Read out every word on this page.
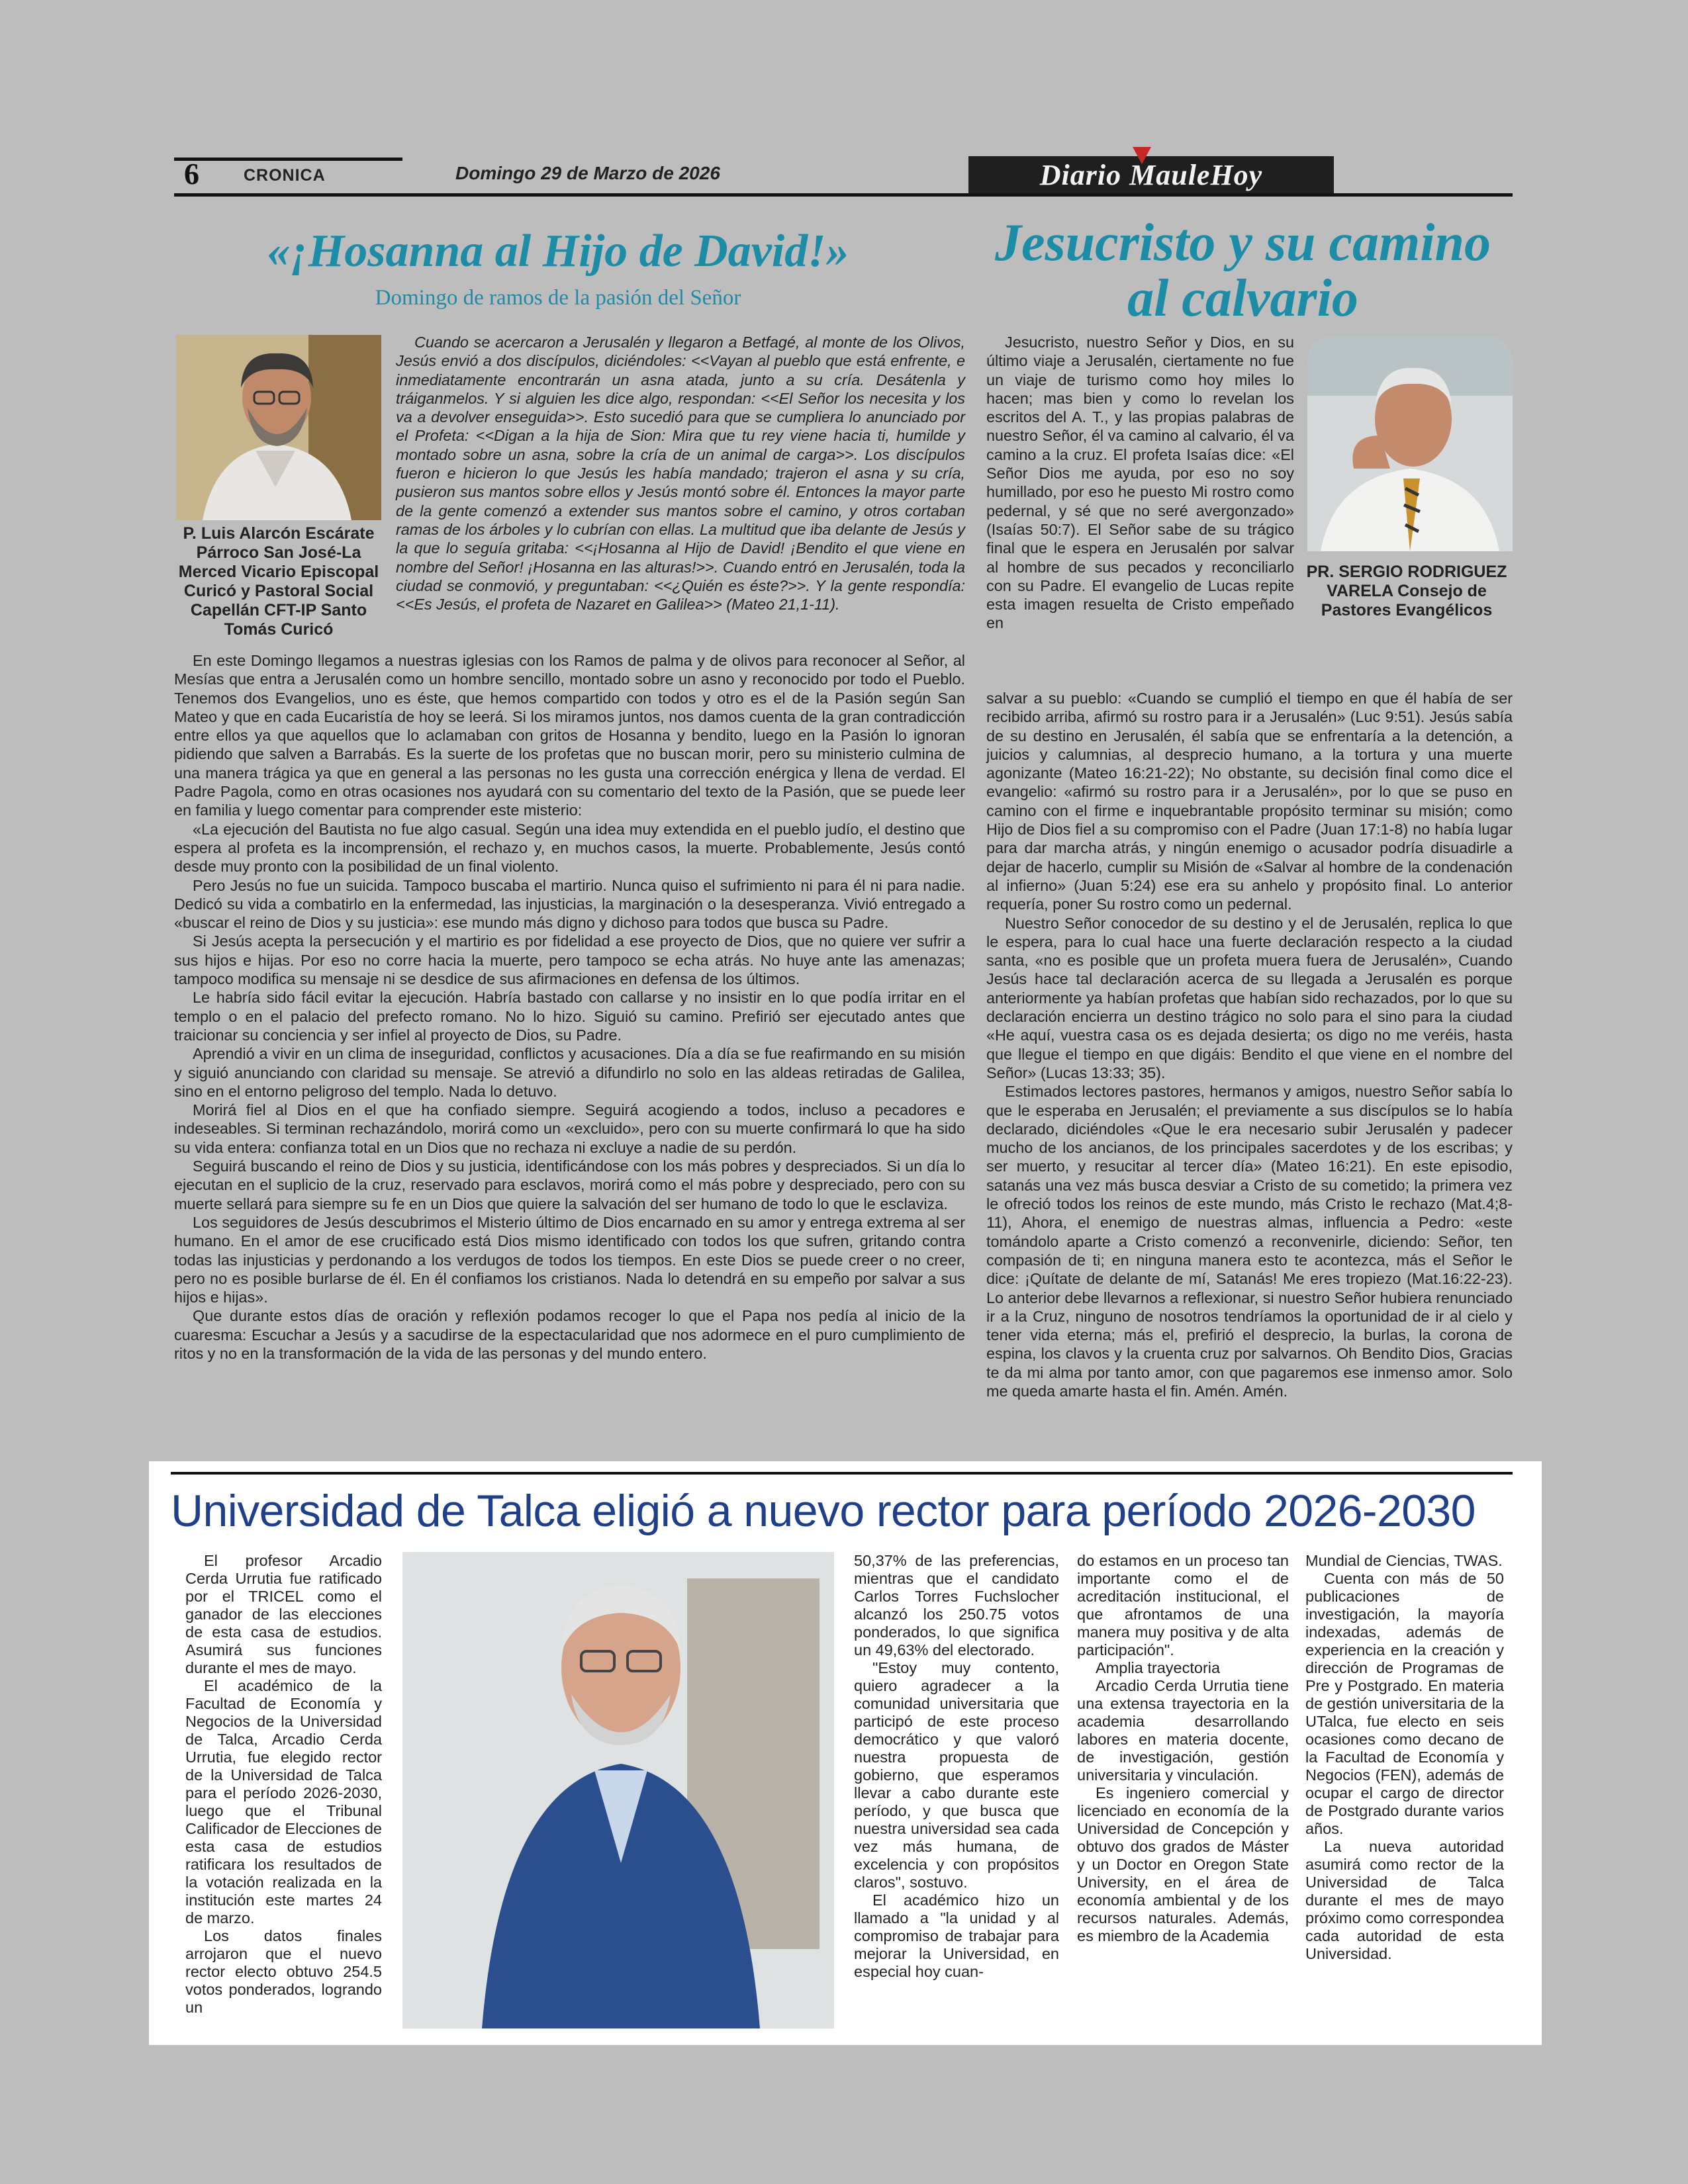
6	CRONICA	Domingo 29 de Marzo de 2026	Diario MauleHoy
«¡Hosanna al Hijo de David!»
Domingo de ramos de la pasión del Señor
P. Luis Alarcón Escárate Párroco San José-La Merced Vicario Episcopal Curicó y Pastoral Social Capellán CFT-IP Santo Tomás Curicó

Cuando se acercaron a Jerusalén y llegaron a Betfagé, al monte de los Olivos, Jesús envió a dos discípulos, diciéndoles: <<Vayan al pueblo que está enfrente, e inmediatamente encontrarán un asna atada, junto a su cría. Desátenla y tráiganmelos. Y si alguien les dice algo, respondan: <<El Señor los necesita y los va a devolver enseguida>>. Esto sucedió para que se cumpliera lo anunciado por el Profeta: <<Digan a la hija de Sion: Mira que tu rey viene hacia ti, humilde y montado sobre un asna, sobre la cría de un animal de carga>>. Los discípulos fueron e hicieron lo que Jesús les había mandado; trajeron el asna y su cría, pusieron sus mantos sobre ellos y Jesús montó sobre él. Entonces la mayor parte de la gente comenzó a extender sus mantos sobre el camino, y otros cortaban ramas de los árboles y lo cubrían con ellas. La multitud que iba delante de Jesús y la que lo seguía gritaba: <<¡Hosanna al Hijo de David! ¡Bendito el que viene en nombre del Señor! ¡Hosanna en las alturas!>>. Cuando entró en Jerusalén, toda la ciudad se conmovió, y preguntaban: <<¿Quién es éste?>>. Y la gente respondía: <<Es Jesús, el profeta de Nazaret en Galilea>> (Mateo 21,1-11).

En este Domingo llegamos a nuestras iglesias con los Ramos de palma y de olivos para reconocer al Señor, al Mesías que entra a Jerusalén como un hombre sencillo, montado sobre un asno y reconocido por todo el Pueblo. Tenemos dos Evangelios, uno es éste, que hemos compartido con todos y otro es el de la Pasión según San Mateo y que en cada Eucaristía de hoy se leerá. Si los miramos juntos, nos damos cuenta de la gran contradicción entre ellos ya que aquellos que lo aclamaban con gritos de Hosanna y bendito, luego en la Pasión lo ignoran pidiendo que salven a Barrabás. Es la suerte de los profetas que no buscan morir, pero su ministerio culmina de una manera trágica ya que en general a las personas no les gusta una corrección enérgica y llena de verdad. El Padre Pagola, como en otras ocasiones nos ayudará con su comentario del texto de la Pasión, que se puede leer en familia y luego comentar para comprender este misterio:

«La ejecución del Bautista no fue algo casual. Según una idea muy extendida en el pueblo judío, el destino que espera al profeta es la incomprensión, el rechazo y, en muchos casos, la muerte. Probablemente, Jesús contó desde muy pronto con la posibilidad de un final violento.

Pero Jesús no fue un suicida. Tampoco buscaba el martirio. Nunca quiso el sufrimiento ni para él ni para nadie. Dedicó su vida a combatirlo en la enfermedad, las injusticias, la marginación o la desesperanza. Vivió entregado a «buscar el reino de Dios y su justicia»: ese mundo más digno y dichoso para todos que busca su Padre.

Si Jesús acepta la persecución y el martirio es por fidelidad a ese proyecto de Dios, que no quiere ver sufrir a sus hijos e hijas. Por eso no corre hacia la muerte, pero tampoco se echa atrás. No huye ante las amenazas; tampoco modifica su mensaje ni se desdice de sus afirmaciones en defensa de los últimos.

Le habría sido fácil evitar la ejecución. Habría bastado con callarse y no insistir en lo que podía irritar en el templo o en el palacio del prefecto romano. No lo hizo. Siguió su camino. Prefirió ser ejecutado antes que traicionar su conciencia y ser infiel al proyecto de Dios, su Padre.

Aprendió a vivir en un clima de inseguridad, conflictos y acusaciones. Día a día se fue reafirmando en su misión y siguió anunciando con claridad su mensaje. Se atrevió a difundirlo no solo en las aldeas retiradas de Galilea, sino en el entorno peligroso del templo. Nada lo detuvo.

Morirá fiel al Dios en el que ha confiado siempre. Seguirá acogiendo a todos, incluso a pecadores e indeseables. Si terminan rechazándolo, morirá como un «excluido», pero con su muerte confirmará lo que ha sido su vida entera: confianza total en un Dios que no rechaza ni excluye a nadie de su perdón.

Seguirá buscando el reino de Dios y su justicia, identificándose con los más pobres y despreciados. Si un día lo ejecutan en el suplicio de la cruz, reservado para esclavos, morirá como el más pobre y despreciado, pero con su muerte sellará para siempre su fe en un Dios que quiere la salvación del ser humano de todo lo que le esclaviza.

Los seguidores de Jesús descubrimos el Misterio último de Dios encarnado en su amor y entrega extrema al ser humano. En el amor de ese crucificado está Dios mismo identificado con todos los que sufren, gritando contra todas las injusticias y perdonando a los verdugos de todos los tiempos. En este Dios se puede creer o no creer, pero no es posible burlarse de él. En él confiamos los cristianos. Nada lo detendrá en su empeño por salvar a sus hijos e hijas».

Que durante estos días de oración y reflexión podamos recoger lo que el Papa nos pedía al inicio de la cuaresma: Escuchar a Jesús y a sacudirse de la espectacularidad que nos adormece en el puro cumplimiento de ritos y no en la transformación de la vida de las personas y del mundo entero.

Jesucristo y su camino al calvario
PR. SERGIO RODRIGUEZ VARELA Consejo de Pastores Evangélicos

Jesucristo, nuestro Señor y Dios, en su último viaje a Jerusalén, ciertamente no fue un viaje de turismo como hoy miles lo hacen; mas bien y como lo revelan los escritos del A. T., y las propias palabras de nuestro Señor, él va camino al calvario, él va camino a la cruz. El profeta Isaías dice: «El Señor Dios me ayuda, por eso no soy humillado, por eso he puesto Mi rostro como pedernal, y sé que no seré avergonzado» (Isaías 50:7). El Señor sabe de su trágico final que le espera en Jerusalén por salvar al hombre de sus pecados y reconciliarlo con su Padre. El evangelio de Lucas repite esta imagen resuelta de Cristo empeñado en

salvar a su pueblo: «Cuando se cumplió el tiempo en que él había de ser recibido arriba, afirmó su rostro para ir a Jerusalén» (Luc 9:51). Jesús sabía de su destino en Jerusalén, él sabía que se enfrentaría a la detención, a juicios y calumnias, al desprecio humano, a la tortura y una muerte agonizante (Mateo 16:21-22); No obstante, su decisión final como dice el evangelio: «afirmó su rostro para ir a Jerusalén», por lo que se puso en camino con el firme e inquebrantable propósito terminar su misión; como Hijo de Dios fiel a su compromiso con el Padre (Juan 17:1-8) no había lugar para dar marcha atrás, y ningún enemigo o acusador podría disuadirle a dejar de hacerlo, cumplir su Misión de «Salvar al hombre de la condenación al infierno» (Juan 5:24) ese era su anhelo y propósito final. Lo anterior requería, poner Su rostro como un pedernal.

Nuestro Señor conocedor de su destino y el de Jerusalén, replica lo que le espera, para lo cual hace una fuerte declaración respecto a la ciudad santa, «no es posible que un profeta muera fuera de Jerusalén», Cuando Jesús hace tal declaración acerca de su llegada a Jerusalén es porque anteriormente ya habían profetas que habían sido rechazados, por lo que su declaración encierra un destino trágico no solo para el sino para la ciudad «He aquí, vuestra casa os es dejada desierta; os digo no me veréis, hasta que llegue el tiempo en que digáis: Bendito el que viene en el nombre del Señor» (Lucas 13:33; 35).

Estimados lectores pastores, hermanos y amigos, nuestro Señor sabía lo que le esperaba en Jerusalén; el previamente a sus discípulos se lo había declarado, diciéndoles «Que le era necesario subir Jerusalén y padecer mucho de los ancianos, de los principales sacerdotes y de los escribas; y ser muerto, y resucitar al tercer día» (Mateo 16:21). En este episodio, satanás una vez más busca desviar a Cristo de su cometido; la primera vez le ofreció todos los reinos de este mundo, más Cristo le rechazo (Mat.4;8-11), Ahora, el enemigo de nuestras almas, influencia a Pedro: «este tomándolo aparte a Cristo comenzó a reconvenirle, diciendo: Señor, ten compasión de ti; en ninguna manera esto te acontezca, más el Señor le dice: ¡Quítate de delante de mí, Satanás! Me eres tropiezo (Mat.16:22-23). Lo anterior debe llevarnos a reflexionar, si nuestro Señor hubiera renunciado ir a la Cruz, ninguno de nosotros tendríamos la oportunidad de ir al cielo y tener vida eterna; más el, prefirió el desprecio, la burlas, la corona de espina, los clavos y la cruenta cruz por salvarnos. Oh Bendito Dios, Gracias te da mi alma por tanto amor, con que pagaremos ese inmenso amor. Solo me queda amarte hasta el fin. Amén. Amén.

Universidad de Talca eligió a nuevo rector para período 2026-2030

El profesor Arcadio Cerda Urrutia fue ratificado por el TRICEL como el ganador de las elecciones de esta casa de estudios. Asumirá sus funciones durante el mes de mayo.

El académico de la Facultad de Economía y Negocios de la Universidad de Talca, Arcadio Cerda Urrutia, fue elegido rector de la Universidad de Talca para el período 2026-2030, luego que el Tribunal Calificador de Elecciones de esta casa de estudios ratificara los resultados de la votación realizada en la institución este martes 24 de marzo.

Los datos finales arrojaron que el nuevo rector electo obtuvo 254.5 votos ponderados, logrando un

50,37% de las preferencias, mientras que el candidato Carlos Torres Fuchslocher alcanzó los 250.75 votos ponderados, lo que significa un 49,63% del electorado.

"Estoy muy contento, quiero agradecer a la comunidad universitaria que participó de este proceso democrático y que valoró nuestra propuesta de gobierno, que esperamos llevar a cabo durante este período, y que busca que nuestra universidad sea cada vez más humana, de excelencia y con propósitos claros", sostuvo.

El académico hizo un llamado a "la unidad y al compromiso de trabajar para mejorar la Universidad, en especial hoy cuan-

do estamos en un proceso tan importante como el de acreditación institucional, el que afrontamos de una manera muy positiva y de alta participación".

Amplia trayectoria

Arcadio Cerda Urrutia tiene una extensa trayectoria en la academia desarrollando labores en materia docente, de investigación, gestión universitaria y vinculación.

Es ingeniero comercial y licenciado en economía de la Universidad de Concepción y obtuvo dos grados de Máster y un Doctor en Oregon State University, en el área de economía ambiental y de los recursos naturales. Además, es miembro de la Academia

Mundial de Ciencias, TWAS.

Cuenta con más de 50 publicaciones de investigación, la mayoría indexadas, además de experiencia en la creación y dirección de Programas de Pre y Postgrado. En materia de gestión universitaria de la UTalca, fue electo en seis ocasiones como decano de la Facultad de Economía y Negocios (FEN), además de ocupar el cargo de director de Postgrado durante varios años.

La nueva autoridad asumirá como rector de la Universidad de Talca durante el mes de mayo próximo como correspondea cada autoridad de esta Universidad.
